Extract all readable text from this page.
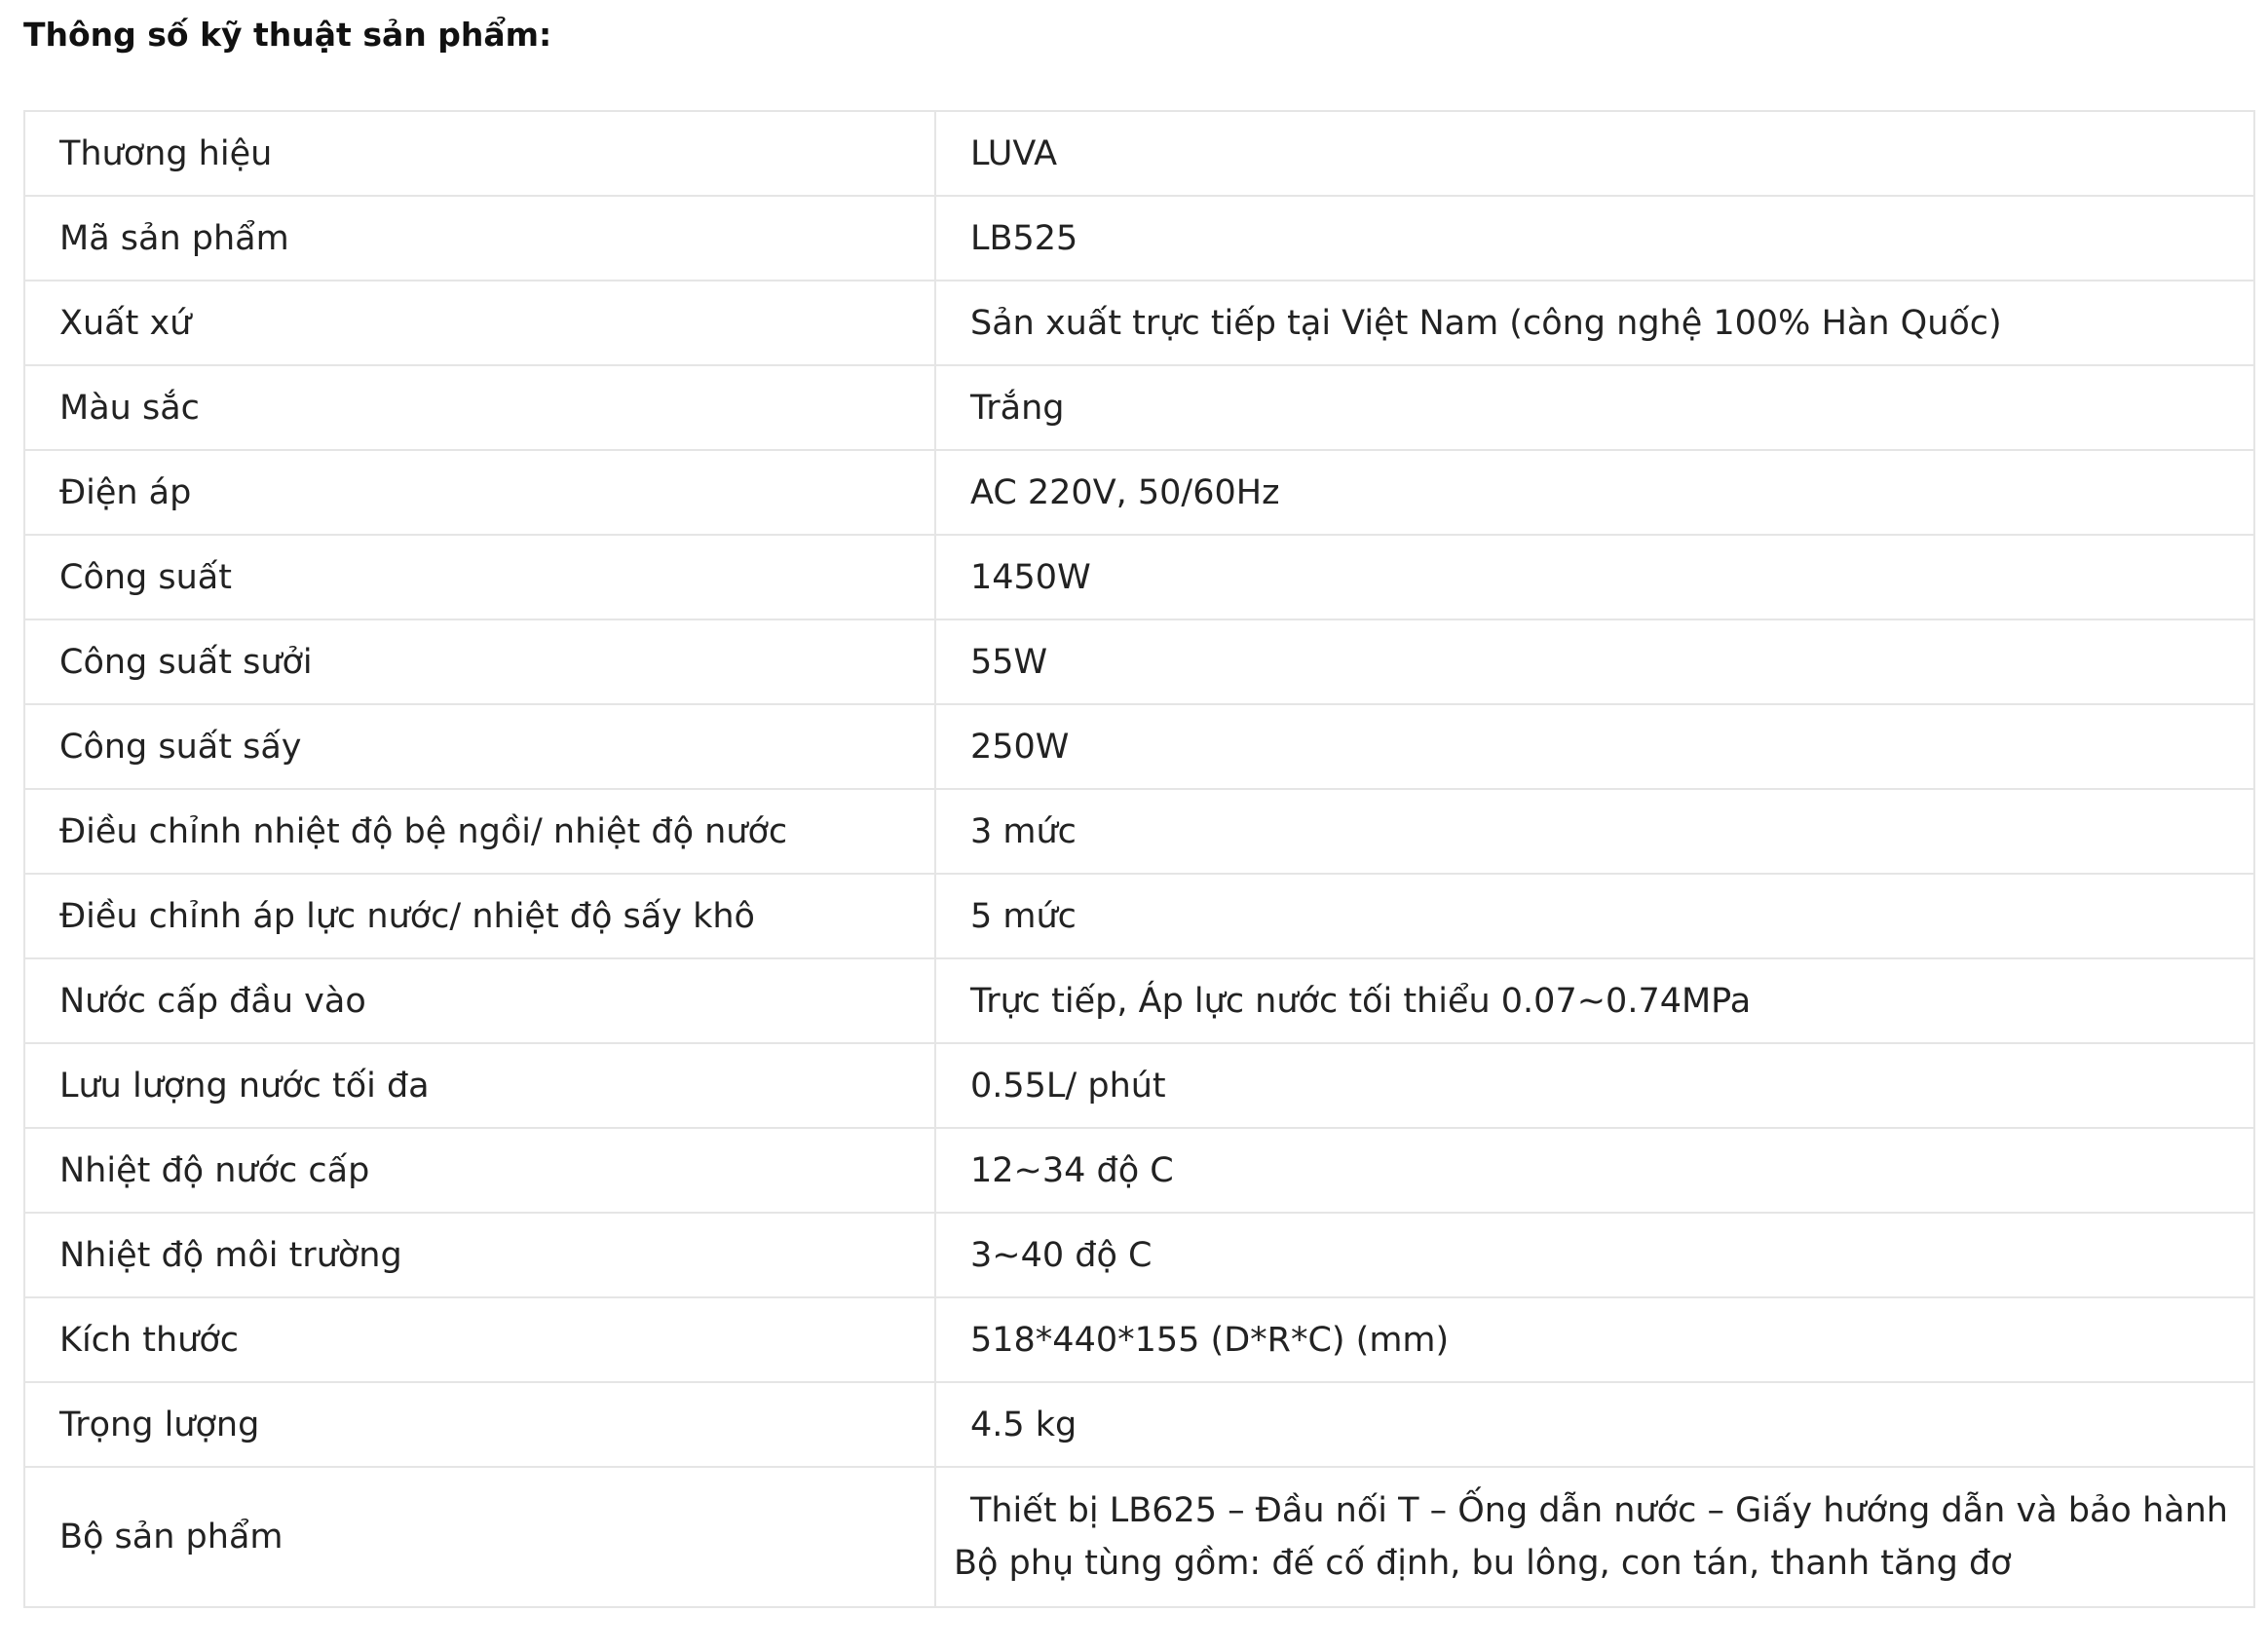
Thông số kỹ thuật sản phẩm:
Thương hiệu	LUVA
Mã sản phẩm	LB525
Xuất xứ	Sản xuất trực tiếp tại Việt Nam (công nghệ 100% Hàn Quốc)
Màu sắc	Trắng
Điện áp	AC 220V, 50/60Hz
Công suất	1450W
Công suất sưởi	55W
Công suất sấy	250W
Điều chỉnh nhiệt độ bệ ngồi/ nhiệt độ nước	3 mức
Điều chỉnh áp lực nước/ nhiệt độ sấy khô	5 mức
Nước cấp đầu vào	Trực tiếp, Áp lực nước tối thiểu 0.07~0.74MPa
Lưu lượng nước tối đa	0.55L/ phút
Nhiệt độ nước cấp	12~34 độ C
Nhiệt độ môi trường	3~40 độ C
Kích thước	518*440*155 (D*R*C) (mm)
Trọng lượng	4.5 kg
Bộ sản phẩm	Thiết bị LB625 – Đầu nối T – Ống dẫn nước – Giấy hướng dẫn và bảo hành
Bộ phụ tùng gồm: đế cố định, bu lông, con tán, thanh tăng đơ
